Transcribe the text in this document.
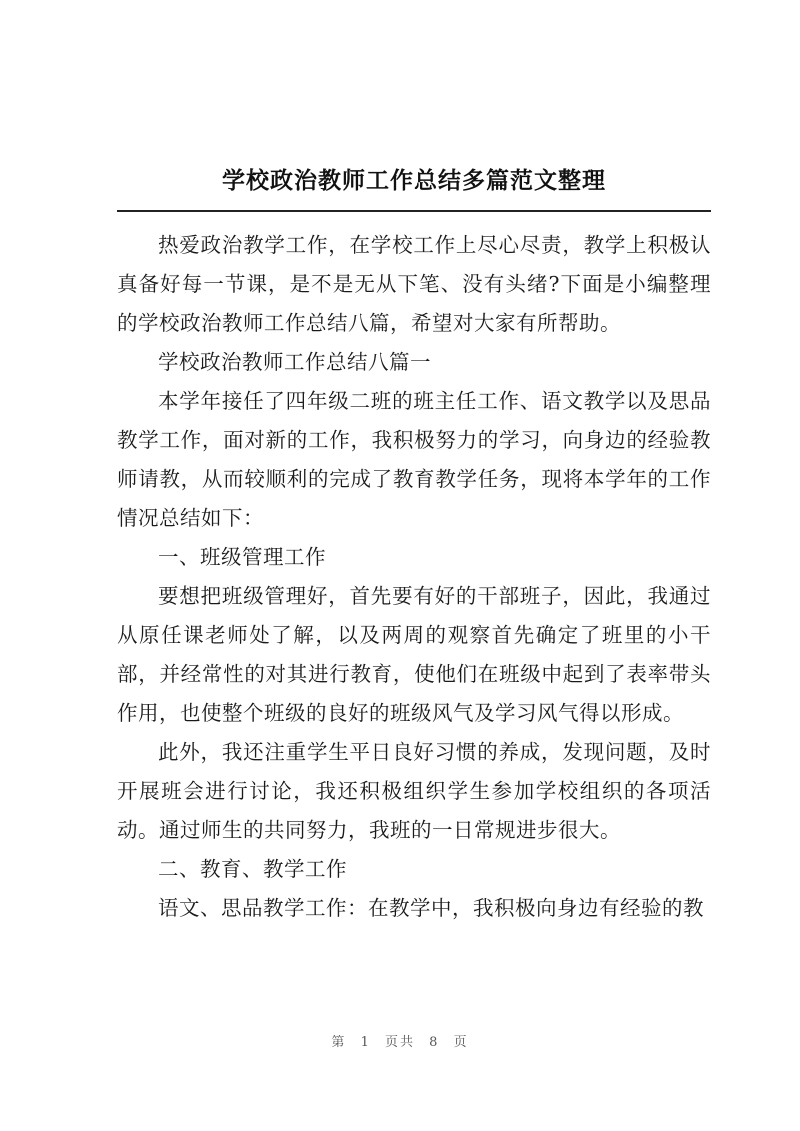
学校政治教师工作总结多篇范文整理

热爱政治教学工作，在学校工作上尽心尽责，教学上积极认真备好每一节课，是不是无从下笔、没有头绪?下面是小编整理的学校政治教师工作总结八篇，希望对大家有所帮助。

学校政治教师工作总结八篇一

本学年接任了四年级二班的班主任工作、语文教学以及思品教学工作，面对新的工作，我积极努力的学习，向身边的经验教师请教，从而较顺利的完成了教育教学任务，现将本学年的工作情况总结如下：

一、班级管理工作

要想把班级管理好，首先要有好的干部班子，因此，我通过从原任课老师处了解，以及两周的观察首先确定了班里的小干部，并经常性的对其进行教育，使他们在班级中起到了表率带头作用，也使整个班级的良好的班级风气及学习风气得以形成。

此外，我还注重学生平日良好习惯的养成，发现问题，及时开展班会进行讨论，我还积极组织学生参加学校组织的各项活动。通过师生的共同努力，我班的一日常规进步很大。

二、教育、教学工作

语文、思品教学工作：在教学中，我积极向身边有经验的教

第 1 页共 8 页
